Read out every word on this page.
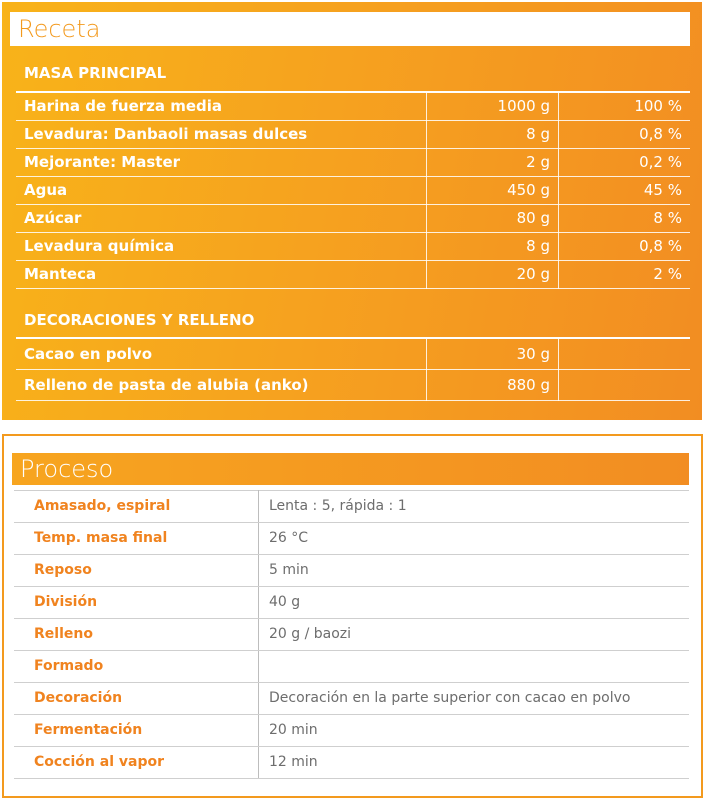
Receta
MASA PRINCIPAL
Harina de fuerza media	1000 g	100 %
Levadura: Danbaoli masas dulces	8 g	0,8 %
Mejorante: Master	2 g	0,2 %
Agua	450 g	45 %
Azúcar	80 g	8 %
Levadura química	8 g	0,8 %
Manteca	20 g	2 %
DECORACIONES Y RELLENO
Cacao en polvo	30 g	
Relleno de pasta de alubia (anko)	880 g	
Proceso
Amasado, espiral	Lenta : 5, rápida : 1
Temp. masa final	26 °C
Reposo	5 min
División	40 g
Relleno	20 g / baozi
Formado	
Decoración	Decoración en la parte superior con cacao en polvo
Fermentación	20 min
Cocción al vapor	12 min
